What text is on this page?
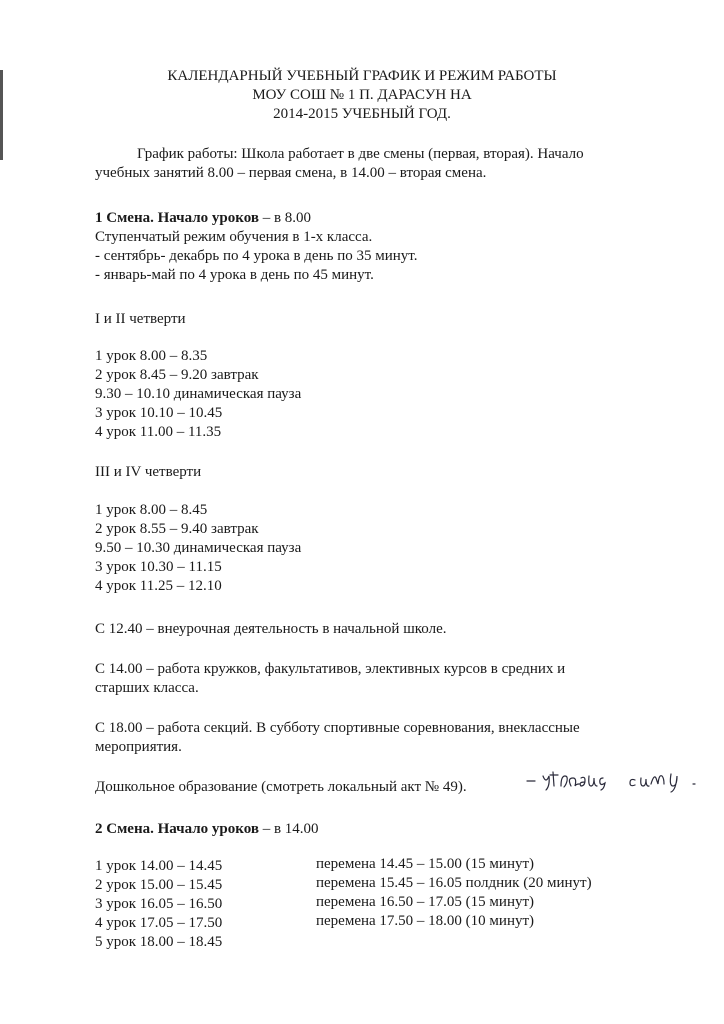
КАЛЕНДАРНЫЙ УЧЕБНЫЙ ГРАФИК И РЕЖИМ РАБОТЫ
МОУ СОШ № 1 П. ДАРАСУН НА
2014-2015 УЧЕБНЫЙ ГОД.
График работы: Школа работает в две смены (первая, вторая). Начало
учебных занятий 8.00 – первая смена, в 14.00 – вторая смена.
1 Смена. Начало уроков – в 8.00
Ступенчатый режим обучения в 1-х класса.
- сентябрь- декабрь по 4 урока в день по 35 минут.
- январь-май по 4 урока в день по 45 минут.
I и II четверти
1 урок 8.00 – 8.35
2 урок 8.45 – 9.20 завтрак
9.30 – 10.10 динамическая пауза
3 урок 10.10 – 10.45
4 урок 11.00 – 11.35
III и IV четверти
1 урок 8.00 – 8.45
2 урок 8.55 – 9.40 завтрак
9.50 – 10.30 динамическая пауза
3 урок 10.30 – 11.15
4 урок 11.25 – 12.10
С 12.40 – внеурочная деятельность в начальной школе.
С 14.00 – работа кружков, факультативов, элективных курсов в средних и
старших класса.
С 18.00 – работа секций. В субботу спортивные соревнования, внеклассные
мероприятия.
Дошкольное образование (смотреть локальный акт № 49).
2 Смена. Начало уроков – в 14.00
1 урок 14.00 – 14.45
2 урок 15.00 – 15.45
3 урок 16.05 – 16.50
4 урок 17.05 – 17.50
5 урок 18.00 – 18.45
перемена 14.45 – 15.00 (15 минут)
перемена 15.45 – 16.05 полдник (20 минут)
перемена 16.50 – 17.05 (15 минут)
перемена 17.50 – 18.00 (10 минут)
